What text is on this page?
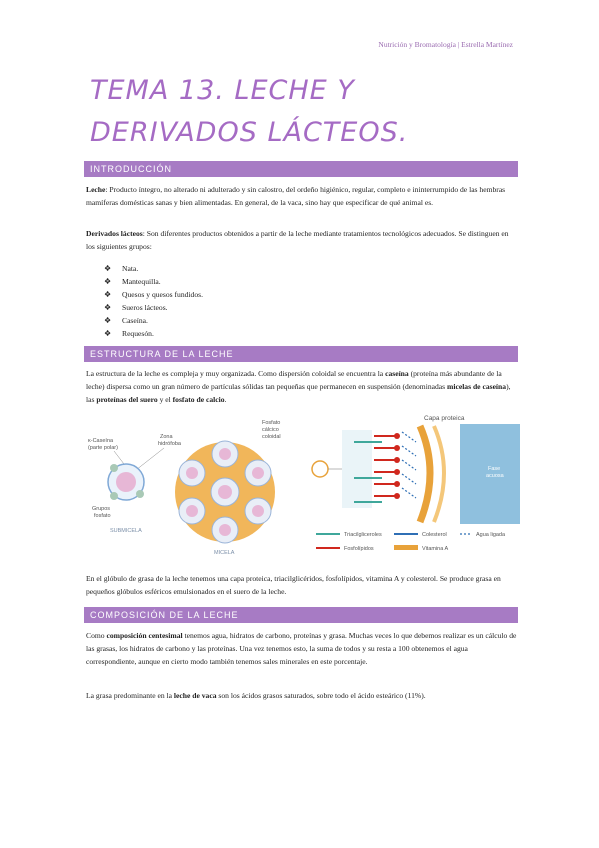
Nutrición y Bromatología | Estrella Martínez
TEMA 13. LECHE Y
DERIVADOS LÁCTEOS.
INTRODUCCIÓN

Leche: Producto íntegro, no alterado ni adulterado y sin calostro, del ordeño higiénico, regular, completo e ininterrumpido de las hembras mamíferas domésticas sanas y bien alimentadas. En general, de la vaca, sino hay que especificar de qué animal es.

Derivados lácteos: Son diferentes productos obtenidos a partir de la leche mediante tratamientos tecnológicos adecuados. Se distinguen en los siguientes grupos:

❖ Nata.
❖ Mantequilla.
❖ Quesos y quesos fundidos.
❖ Sueros lácteos.
❖ Caseína.
❖ Requesón.
ESTRUCTURA DE LA LECHE

La estructura de la leche es compleja y muy organizada. Como dispersión coloidal se encuentra la caseína (proteína más abundante de la leche) dispersa como un gran número de partículas sólidas tan pequeñas que permanecen en suspensión (denominadas micelas de caseína), las proteínas del suero y el fosfato de calcio.

κ-Caseína
(parte polar)
Zona
hidrófoba
Grupos
fosfato
SUBMICELA
Fosfato
cálcico
coloidal
MICELA
Capa proteica
Fase
acuosa
Triacilgliceroles	Colesterol	Agua ligada
Fosfolípidos	Vitamina A

En el glóbulo de grasa de la leche tenemos una capa proteica, triacilglicéridos, fosfolípidos, vitamina A y colesterol. Se produce grasa en pequeños glóbulos esféricos emulsionados en el suero de la leche.

COMPOSICIÓN DE LA LECHE

Como composición centesimal tenemos agua, hidratos de carbono, proteínas y grasa. Muchas veces lo que debemos realizar es un cálculo de las grasas, los hidratos de carbono y las proteínas. Una vez tenemos esto, la suma de todos y su resta a 100 obtenemos el agua correspondiente, aunque en cierto modo también tenemos sales minerales en este porcentaje.

La grasa predominante en la leche de vaca son los ácidos grasos saturados, sobre todo el ácido esteárico (11%).
